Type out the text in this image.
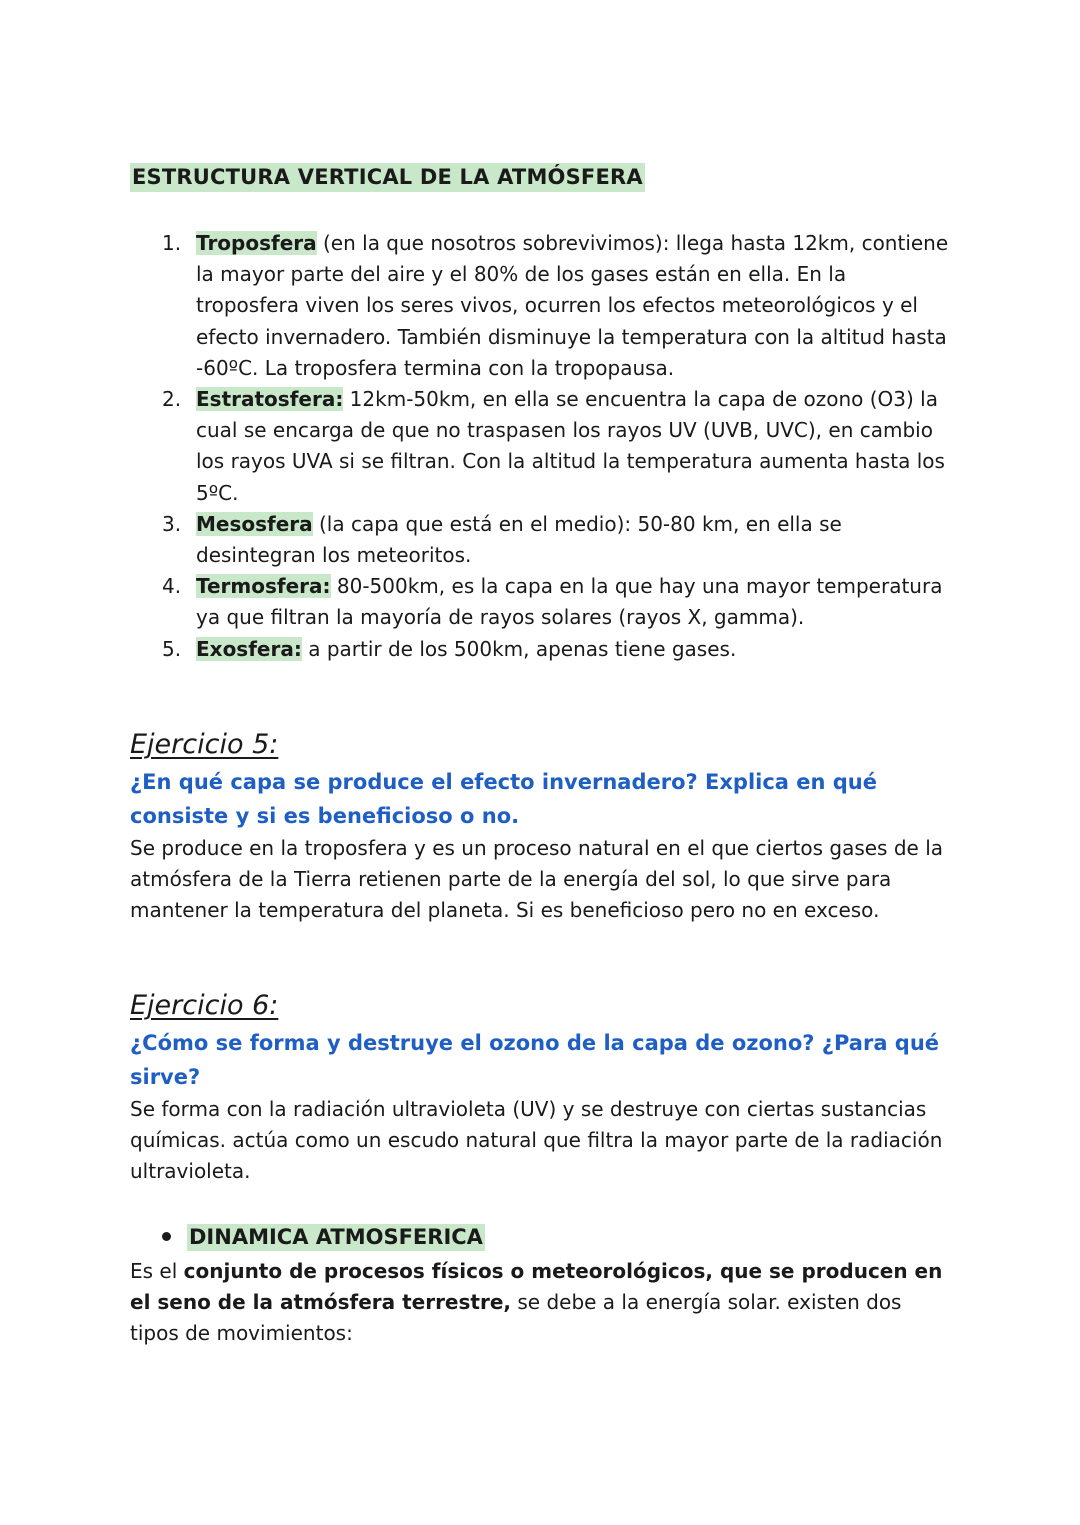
ESTRUCTURA VERTICAL DE LA ATMÓSFERA
1. Troposfera (en la que nosotros sobrevivimos): llega hasta 12km, contiene la mayor parte del aire y el 80% de los gases están en ella. En la troposfera viven los seres vivos, ocurren los efectos meteorológicos y el efecto invernadero. También disminuye la temperatura con la altitud hasta -60ºC. La troposfera termina con la tropopausa.
2. Estratosfera: 12km-50km, en ella se encuentra la capa de ozono (O3) la cual se encarga de que no traspasen los rayos UV (UVB, UVC), en cambio los rayos UVA si se filtran. Con la altitud la temperatura aumenta hasta los 5ºC.
3. Mesosfera (la capa que está en el medio): 50-80 km, en ella se desintegran los meteoritos.
4. Termosfera: 80-500km, es la capa en la que hay una mayor temperatura ya que filtran la mayoría de rayos solares (rayos X, gamma).
5. Exosfera: a partir de los 500km, apenas tiene gases.
Ejercicio 5:

¿En qué capa se produce el efecto invernadero? Explica en qué consiste y si es beneficioso o no.

Se produce en la troposfera y es un proceso natural en el que ciertos gases de la atmósfera de la Tierra retienen parte de la energía del sol, lo que sirve para mantener la temperatura del planeta. Si es beneficioso pero no en exceso.

Ejercicio 6:

¿Cómo se forma y destruye el ozono de la capa de ozono? ¿Para qué sirve?

Se forma con la radiación ultravioleta (UV) y se destruye con ciertas sustancias químicas. actúa como un escudo natural que filtra la mayor parte de la radiación ultravioleta.

DINAMICA ATMOSFERICA

Es el conjunto de procesos físicos o meteorológicos, que se producen en el seno de la atmósfera terrestre, se debe a la energía solar. existen dos tipos de movimientos:
